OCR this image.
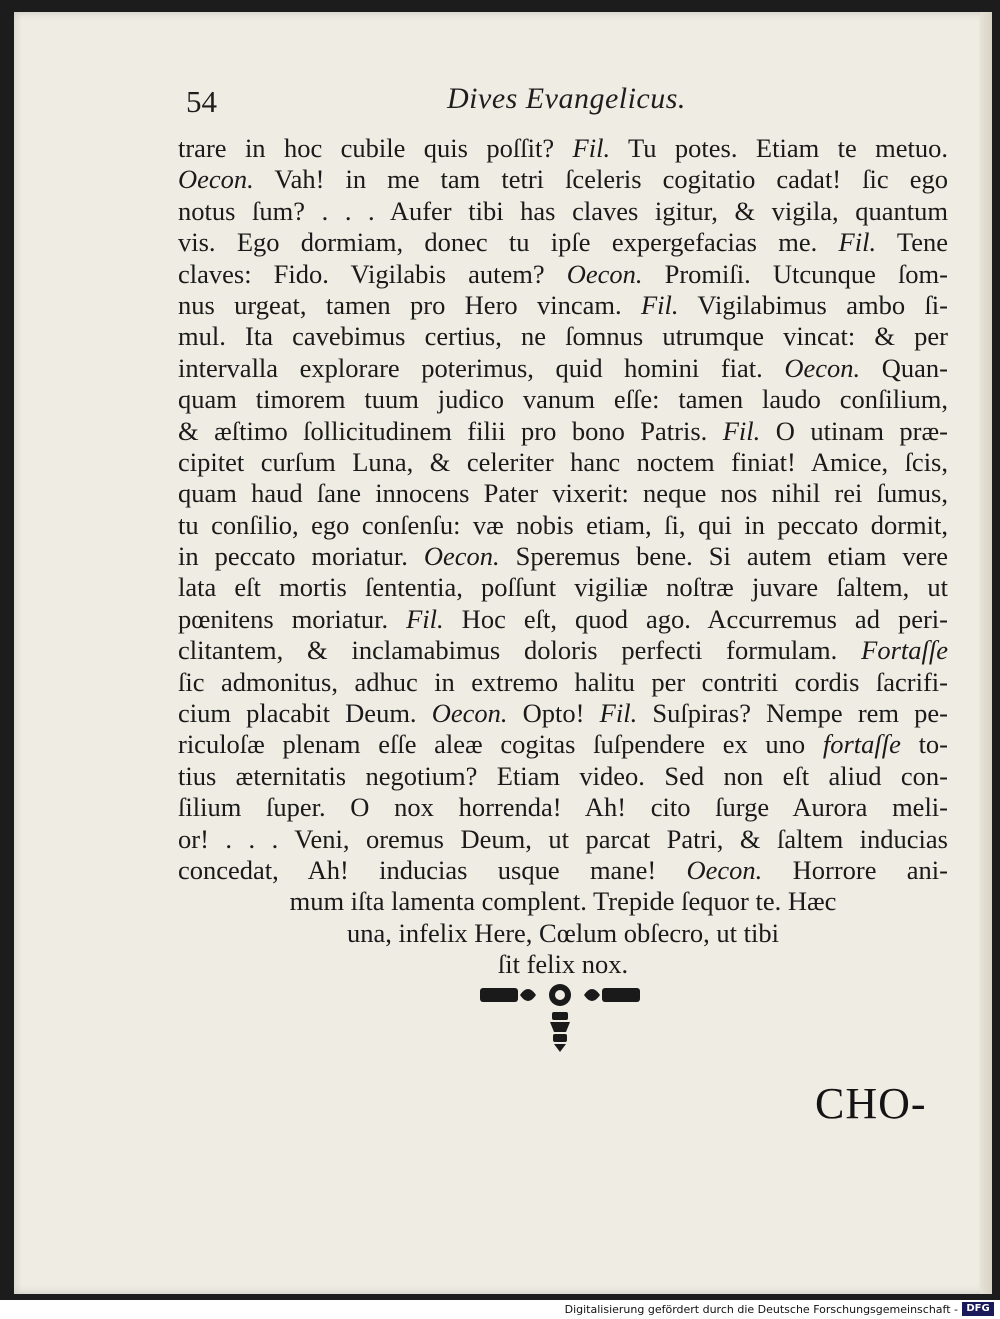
54	Dives Evangelicus.
trare in hoc cubile quis poſſit? Fil. Tu potes. Etiam te metuo.
Oecon. Vah! in me tam tetri ſceleris cogitatio cadat! ſic ego
notus ſum? . . . Aufer tibi has claves igitur, & vigila, quantum
vis. Ego dormiam, donec tu ipſe expergefacias me. Fil. Tene
claves: Fido. Vigilabis autem? Oecon. Promiſi. Utcunque ſom-
nus urgeat, tamen pro Hero vincam. Fil. Vigilabimus ambo ſi-
mul. Ita cavebimus certius, ne ſomnus utrumque vincat: & per
intervalla explorare poterimus, quid homini fiat. Oecon. Quan-
quam timorem tuum judico vanum eſſe: tamen laudo conſilium,
& æſtimo ſollicitudinem filii pro bono Patris. Fil. O utinam præ-
cipitet curſum Luna, & celeriter hanc noctem finiat! Amice, ſcis,
quam haud ſane innocens Pater vixerit: neque nos nihil rei ſumus,
tu conſilio, ego conſenſu: væ nobis etiam, ſi, qui in peccato dormit,
in peccato moriatur. Oecon. Speremus bene. Si autem etiam vere
lata eſt mortis ſententia, poſſunt vigiliæ noſtræ juvare ſaltem, ut
pœnitens moriatur. Fil. Hoc eſt, quod ago. Accurremus ad peri-
clitantem, & inclamabimus doloris perfecti formulam. Fortaſſe
ſic admonitus, adhuc in extremo halitu per contriti cordis ſacrifi-
cium placabit Deum. Oecon. Opto! Fil. Suſpiras? Nempe rem pe-
riculoſæ plenam eſſe aleæ cogitas ſuſpendere ex uno fortaſſe to-
tius æternitatis negotium? Etiam video. Sed non eſt aliud con-
ſilium ſuper. O nox horrenda! Ah! cito ſurge Aurora meli-
or! . . . Veni, oremus Deum, ut parcat Patri, & ſaltem inducias
concedat, Ah! inducias usque mane! Oecon. Horrore ani-
mum iſta lamenta complent. Trepide ſequor te. Hæc
una, infelix Here, Cœlum obſecro, ut tibi
ſit felix nox.
CHO-
Digitalisierung gefördert durch die Deutsche Forschungsgemeinschaft - DFG
